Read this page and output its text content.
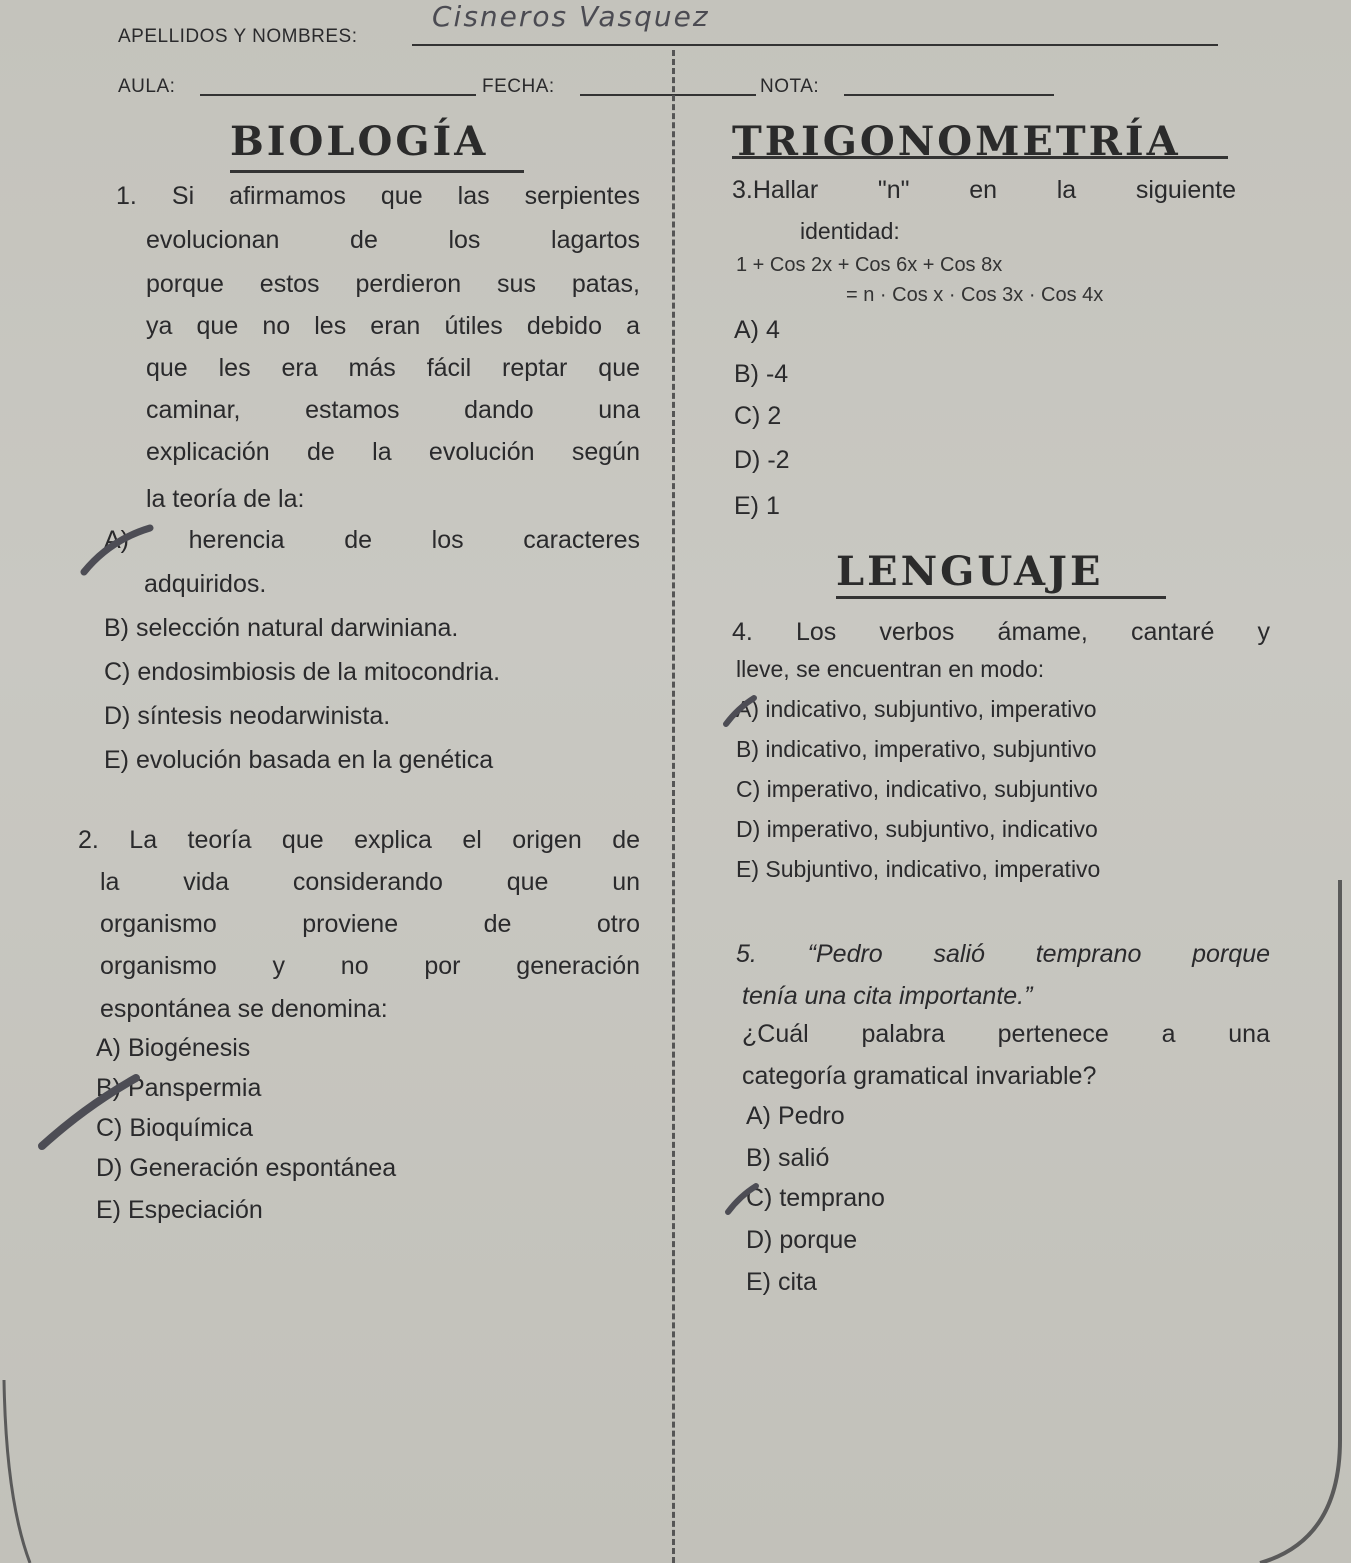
APELLIDOS Y NOMBRES:
Cisneros Vasquez
AULA:	FECHA:	NOTA:
BIOLOGÍA
1. Si afirmamos que las serpientes
evolucionan de los lagartos
porque estos perdieron sus patas,
ya que no les eran útiles debido a
que les era más fácil reptar que
caminar, estamos dando una
explicación de la evolución según
la teoría de la:
A) herencia de los caracteres
adquiridos.
B) selección natural darwiniana.
C) endosimbiosis de la mitocondria.
D) síntesis neodarwinista.
E) evolución basada en la genética
2. La teoría que explica el origen de
la vida considerando que un
organismo proviene de otro
organismo y no por generación
espontánea se denomina:
A) Biogénesis
B) Panspermia
C) Bioquímica
D) Generación espontánea
E) Especiación
TRIGONOMETRÍA
3.Hallar "n" en la siguiente
identidad:
1 + Cos 2x + Cos 6x + Cos 8x
= n · Cos x · Cos 3x · Cos 4x
A) 4
B) -4
C) 2
D) -2
E) 1
LENGUAJE
4. Los verbos ámame, cantaré y
lleve, se encuentran en modo:
A) indicativo, subjuntivo, imperativo
B) indicativo, imperativo, subjuntivo
C) imperativo, indicativo, subjuntivo
D) imperativo, subjuntivo, indicativo
E) Subjuntivo, indicativo, imperativo
5. “Pedro salió temprano porque
tenía una cita importante.”
¿Cuál palabra pertenece a una
categoría gramatical invariable?
A) Pedro
B) salió
C) temprano
D) porque
E) cita
